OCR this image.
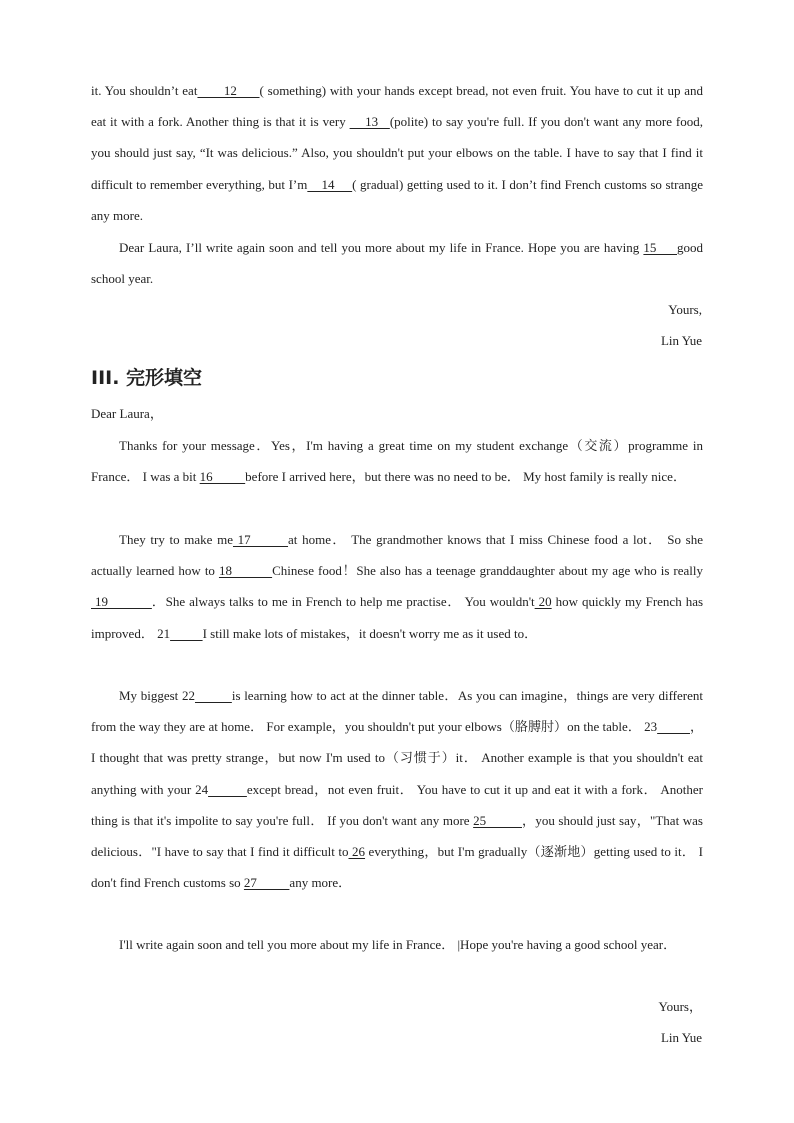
it. You shouldn’t eat       12      ( something) with your hands except bread, not even fruit. You have to cut it up and eat it with a fork. Another thing is that it is very     13   (polite) to say you're full. If you don't want any more food, you should just say, “It was delicious.” Also, you shouldn't put your elbows on the table. I have to say that I find it difficult to remember everything, but I’m    14     ( gradual) getting used to it. I don’t find French customs so strange any more.

Dear Laura, I’ll write again soon and tell you more about my life in France. Hope you are having 15     good school year.

Yours,
Lin Yue
III. 完形填空
Dear Laura，

Thanks for your message．Yes，I'm having a great time on my student exchange（交流）programme in France． I was a bit 16          before I arrived here，but there was no need to be． My host family is really nice．

They try to make me 17        at home． The grandmother knows that I miss Chinese food a lot． So she actually learned how to 18          Chinese food！She also has a teenage granddaughter about my age who is really  19           ．She always talks to me in French to help me practise． You wouldn't 20 how quickly my French has improved． 21	I still make lots of mistakes，it doesn't worry me as it used to．

My biggest 22	is learning how to act at the dinner table．As you can imagine，things are very different from the way they are at home． For example，you shouldn't put your elbows（胳膊肘）on the table． 23	，I thought that was pretty strange，but now I'm used to（习惯于）it． Another example is that you shouldn't eat anything with your 24	except bread，not even fruit． You have to cut it up and eat it with a fork． Another thing is that it's impolite to say you're full． If you don't want any more 25          ，you should just say，"That was delicious．"I have to say that I find it difficult to 26 everything，but I'm gradually（逐渐地）getting used to it． I don't find French customs so 27          any more．

I'll write again soon and tell you more about my life in France． |Hope you're having a good school year．

Yours，
Lin Yue
